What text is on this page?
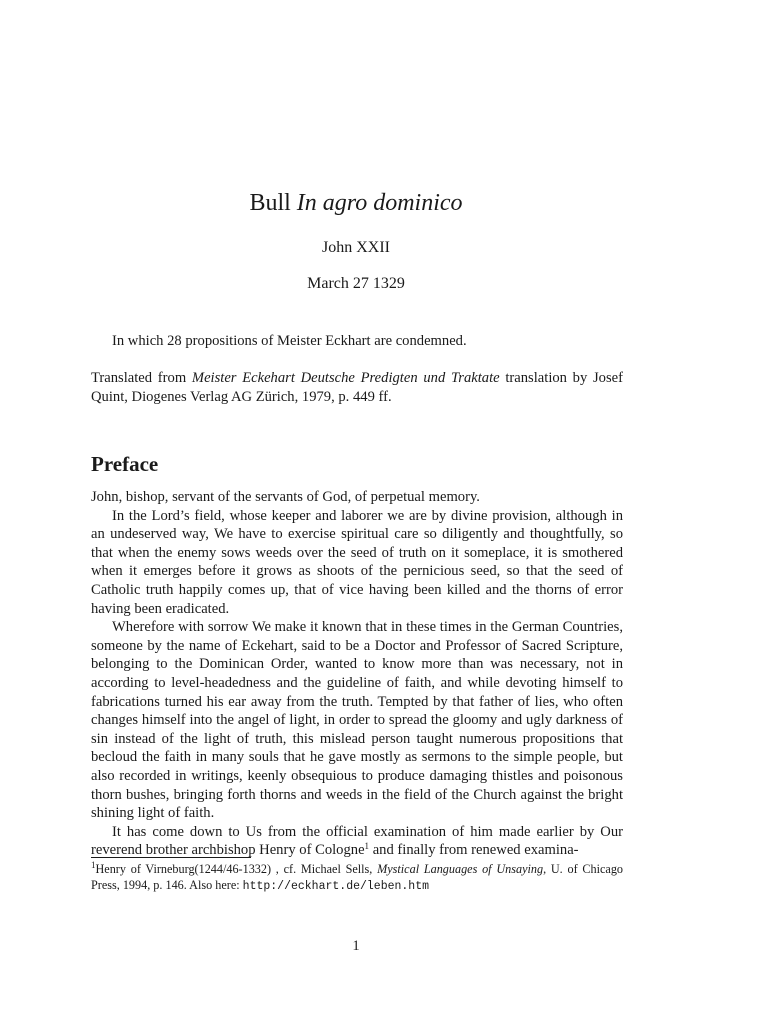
Bull In agro dominico
John XXII
March 27 1329
In which 28 propositions of Meister Eckhart are condemned.
Translated from Meister Eckehart Deutsche Predigten und Traktate translation by Josef Quint, Diogenes Verlag AG Zürich, 1979, p. 449 ff.
Preface

John, bishop, servant of the servants of God, of perpetual memory.

In the Lord’s field, whose keeper and laborer we are by divine provision, although in an undeserved way, We have to exercise spiritual care so diligently and thoughtfully, so that when the enemy sows weeds over the seed of truth on it someplace, it is smothered when it emerges before it grows as shoots of the pernicious seed, so that the seed of Catholic truth happily comes up, that of vice having been killed and the thorns of error having been eradicated.

Wherefore with sorrow We make it known that in these times in the German Countries, someone by the name of Eckehart, said to be a Doctor and Professor of Sacred Scripture, belonging to the Dominican Order, wanted to know more than was necessary, not in according to level-headedness and the guideline of faith, and while devoting himself to fabrications turned his ear away from the truth. Tempted by that father of lies, who often changes himself into the angel of light, in order to spread the gloomy and ugly darkness of sin instead of the light of truth, this mislead person taught numerous propositions that becloud the faith in many souls that he gave mostly as sermons to the simple people, but also recorded in writings, keenly obsequious to produce damaging thistles and poisonous thorn bushes, bringing forth thorns and weeds in the field of the Church against the bright shining light of faith.

It has come down to Us from the official examination of him made earlier by Our reverend brother archbishop Henry of Cologne$^1$ and finally from renewed examina-

$^1$Henry of Virneburg(1244/46-1332) , cf. Michael Sells, Mystical Languages of Unsaying, U. of Chicago Press, 1994, p. 146. Also here: http://eckhart.de/leben.htm
1
